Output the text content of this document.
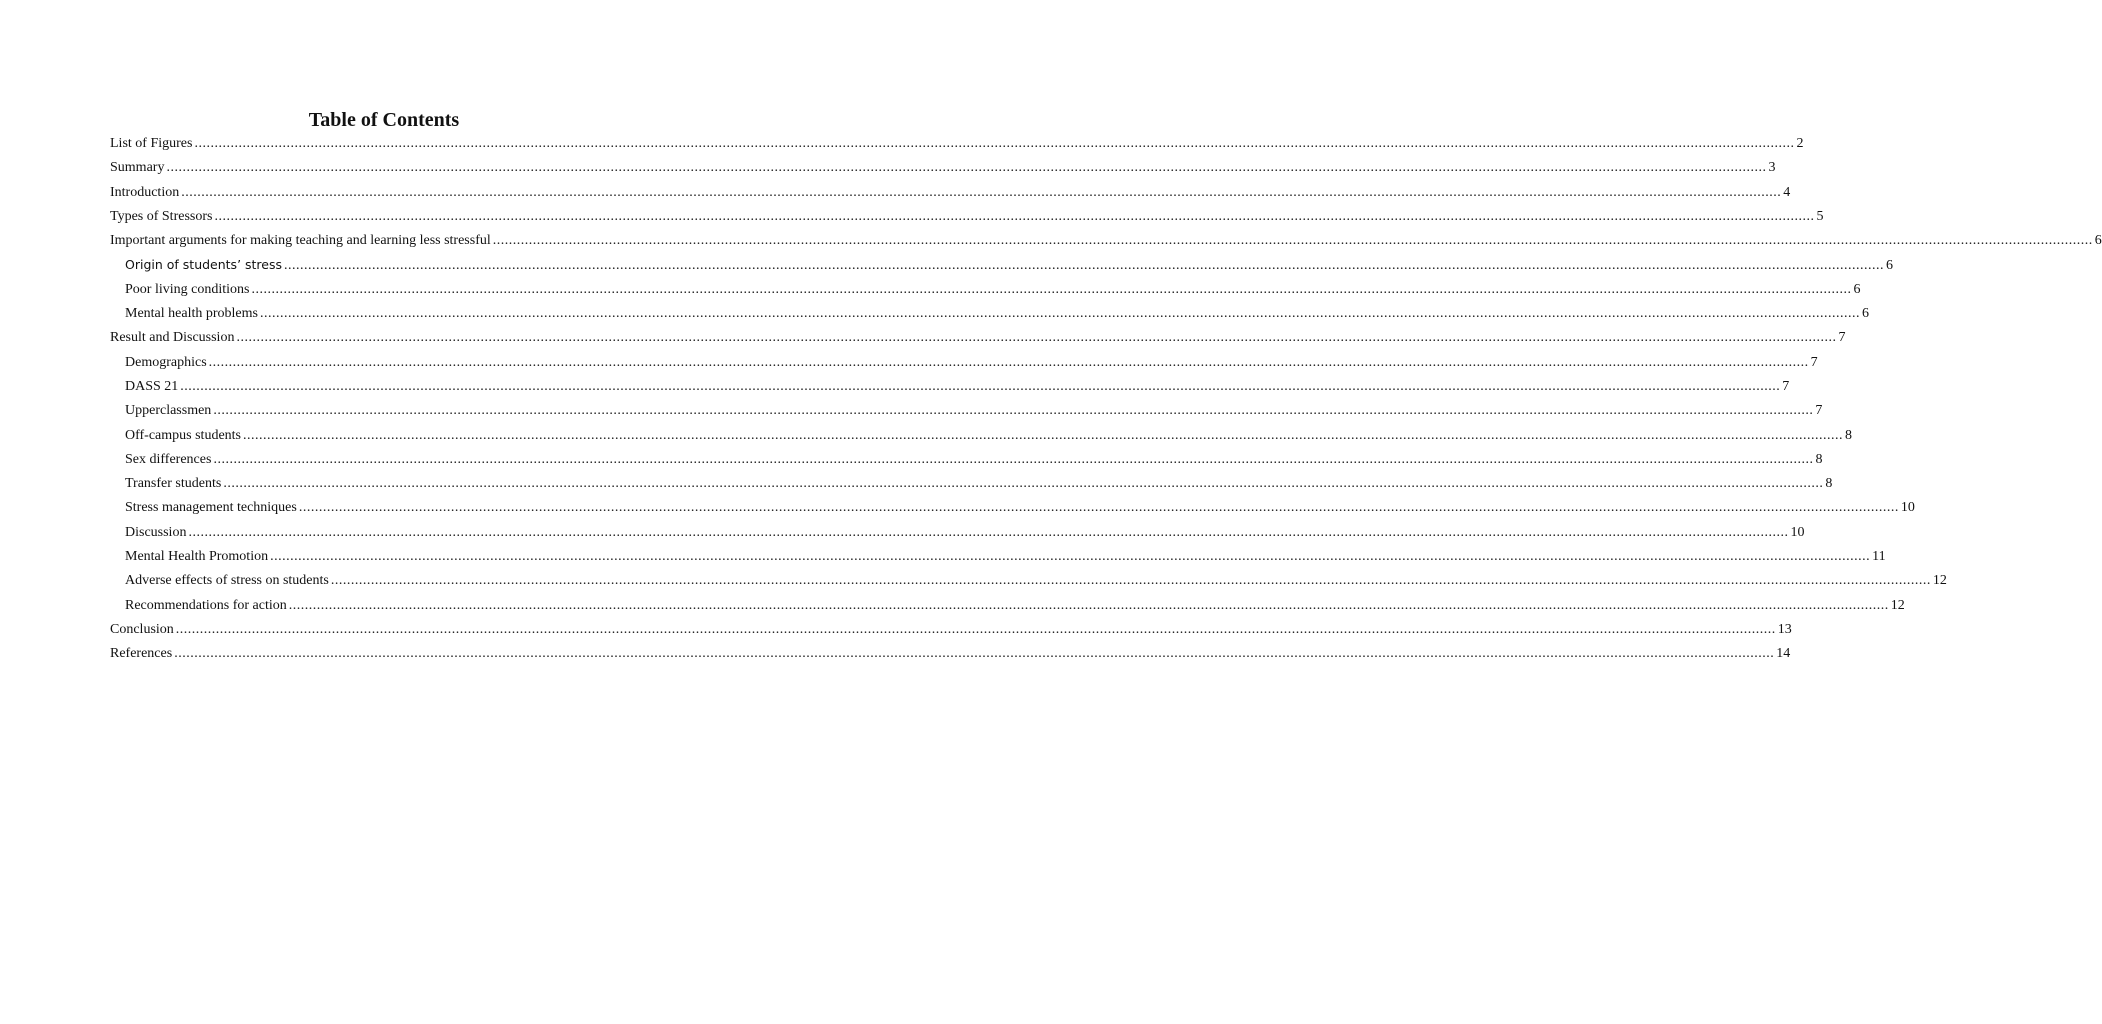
Table of Contents
List of Figures ................................................................................................................................................................................................................................................................................................................................................................................................................ 2
Summary ................................................................................................................................................................................................................................................................................................................................................................................................................ 3
Introduction ................................................................................................................................................................................................................................................................................................................................................................................................................ 4
Types of Stressors ................................................................................................................................................................................................................................................................................................................................................................................................................ 5
Important arguments for making teaching and learning less stressful ................................................................................................................................................................................................................................................................................................................................................................................................................ 6
Origin of students’ stress ................................................................................................................................................................................................................................................................................................................................................................................................................ 6
Poor living conditions ................................................................................................................................................................................................................................................................................................................................................................................................................ 6
Mental health problems ................................................................................................................................................................................................................................................................................................................................................................................................................ 6
Result and Discussion ................................................................................................................................................................................................................................................................................................................................................................................................................ 7
Demographics ................................................................................................................................................................................................................................................................................................................................................................................................................ 7
DASS 21 ................................................................................................................................................................................................................................................................................................................................................................................................................ 7
Upperclassmen ................................................................................................................................................................................................................................................................................................................................................................................................................ 7
Off-campus students ................................................................................................................................................................................................................................................................................................................................................................................................................ 8
Sex differences ................................................................................................................................................................................................................................................................................................................................................................................................................ 8
Transfer students ................................................................................................................................................................................................................................................................................................................................................................................................................ 8
Stress management techniques ................................................................................................................................................................................................................................................................................................................................................................................................................ 10
Discussion ................................................................................................................................................................................................................................................................................................................................................................................................................ 10
Mental Health Promotion ................................................................................................................................................................................................................................................................................................................................................................................................................ 11
Adverse effects of stress on students ................................................................................................................................................................................................................................................................................................................................................................................................................ 12
Recommendations for action ................................................................................................................................................................................................................................................................................................................................................................................................................ 12
Conclusion ................................................................................................................................................................................................................................................................................................................................................................................................................ 13
References ................................................................................................................................................................................................................................................................................................................................................................................................................ 14
